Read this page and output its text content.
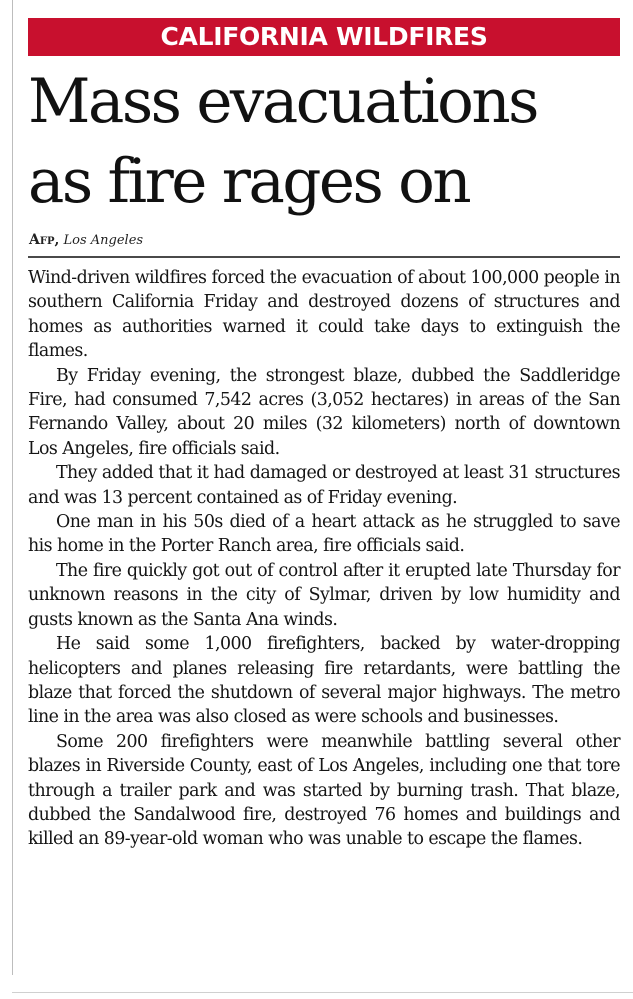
CALIFORNIA WILDFIRES
Mass evacuations
as fire rages on
Afp, Los Angeles

Wind-driven wildfires forced the evacuation of about 100,000 people in southern California Friday and destroyed dozens of structures and homes as authorities warned it could take days to extinguish the flames.

By Friday evening, the strongest blaze, dubbed the Saddleridge Fire, had consumed 7,542 acres (3,052 hectares) in areas of the San Fernando Valley, about 20 miles (32 kilometers) north of downtown Los Angeles, fire officials said.

They added that it had damaged or destroyed at least 31 structures and was 13 percent contained as of Friday evening.

One man in his 50s died of a heart attack as he struggled to save his home in the Porter Ranch area, fire officials said.

The fire quickly got out of control after it erupted late Thursday for unknown reasons in the city of Sylmar, driven by low humidity and gusts known as the Santa Ana winds.

He said some 1,000 firefighters, backed by water-dropping helicopters and planes releasing fire retardants, were battling the blaze that forced the shutdown of several major highways. The metro line in the area was also closed as were schools and businesses.

Some 200 firefighters were meanwhile battling several other blazes in Riverside County, east of Los Angeles, including one that tore through a trailer park and was started by burning trash. That blaze, dubbed the Sandalwood fire, destroyed 76 homes and buildings and killed an 89-year-old woman who was unable to escape the flames.
